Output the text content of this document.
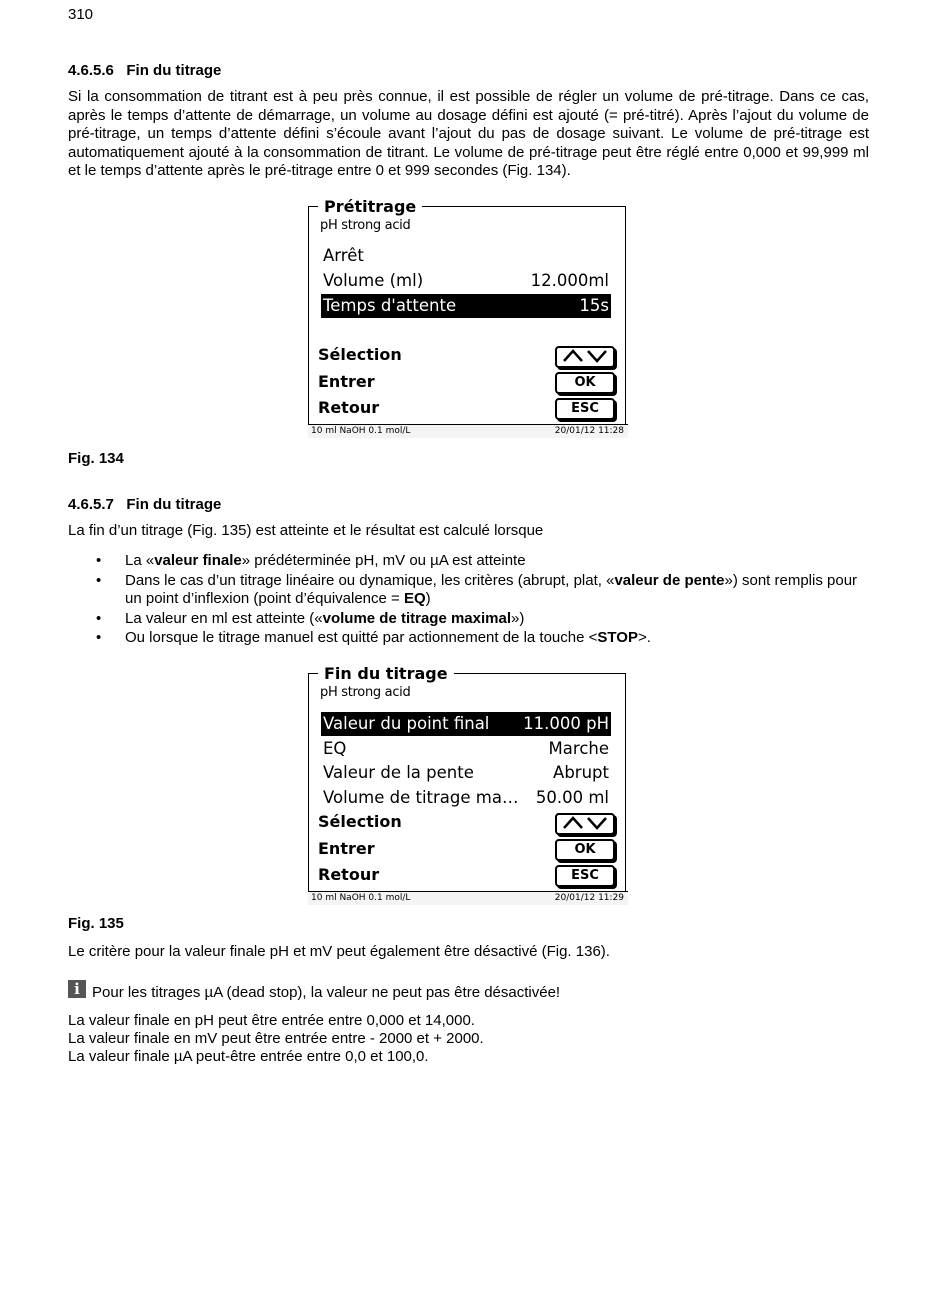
310
4.6.5.6   Fin du titrage
Si la consommation de titrant est à peu près connue, il est possible de régler un volume de pré-titrage. Dans ce cas, après le temps d’attente de démarrage, un volume au dosage défini est ajouté (= pré-titré). Après l’ajout du volume de pré-titrage, un temps d’attente défini s’écoule avant l’ajout du pas de dosage suivant. Le volume de pré-titrage est automatiquement ajouté à la consommation de titrant. Le volume de pré-titrage peut être réglé entre 0,000 et 99,999 ml et le temps d’attente après le pré-titrage entre 0 et 999 secondes (Fig. 134).
Prétitrage
pH strong acid
Arrêt
Volume (ml)	12.000ml
Temps d'attente	15s
Sélection
Entrer	OK
Retour	ESC
10 ml NaOH 0.1 mol/L	20/01/12 11:28
Fig. 134
4.6.5.7   Fin du titrage
La fin d’un titrage (Fig. 135) est atteinte et le résultat est calculé lorsque
• La «valeur finale» prédéterminée pH, mV ou µA est atteinte
• Dans le cas d’un titrage linéaire ou dynamique, les critères (abrupt, plat, «valeur de pente») sont remplis pour un point d’inflexion (point d’équivalence = EQ)
• La valeur en ml est atteinte («volume de titrage maximal»)
• Ou lorsque le titrage manuel est quitté par actionnement de la touche <STOP>.
Fin du titrage
pH strong acid
Valeur du point final 11.000 pH
EQ	Marche
Valeur de la pente	Abrupt
Volume de titrage ma… 50.00 ml
Sélection
Entrer	OK
Retour	ESC
10 ml NaOH 0.1 mol/L	20/01/12 11:29
Fig. 135
Le critère pour la valeur finale pH et mV peut également être désactivé (Fig. 136).
i Pour les titrages µA (dead stop), la valeur ne peut pas être désactivée!
La valeur finale en pH peut être entrée entre 0,000 et 14,000.
La valeur finale en mV peut être entrée entre - 2000 et + 2000.
La valeur finale µA peut-être entrée entre 0,0 et 100,0.
